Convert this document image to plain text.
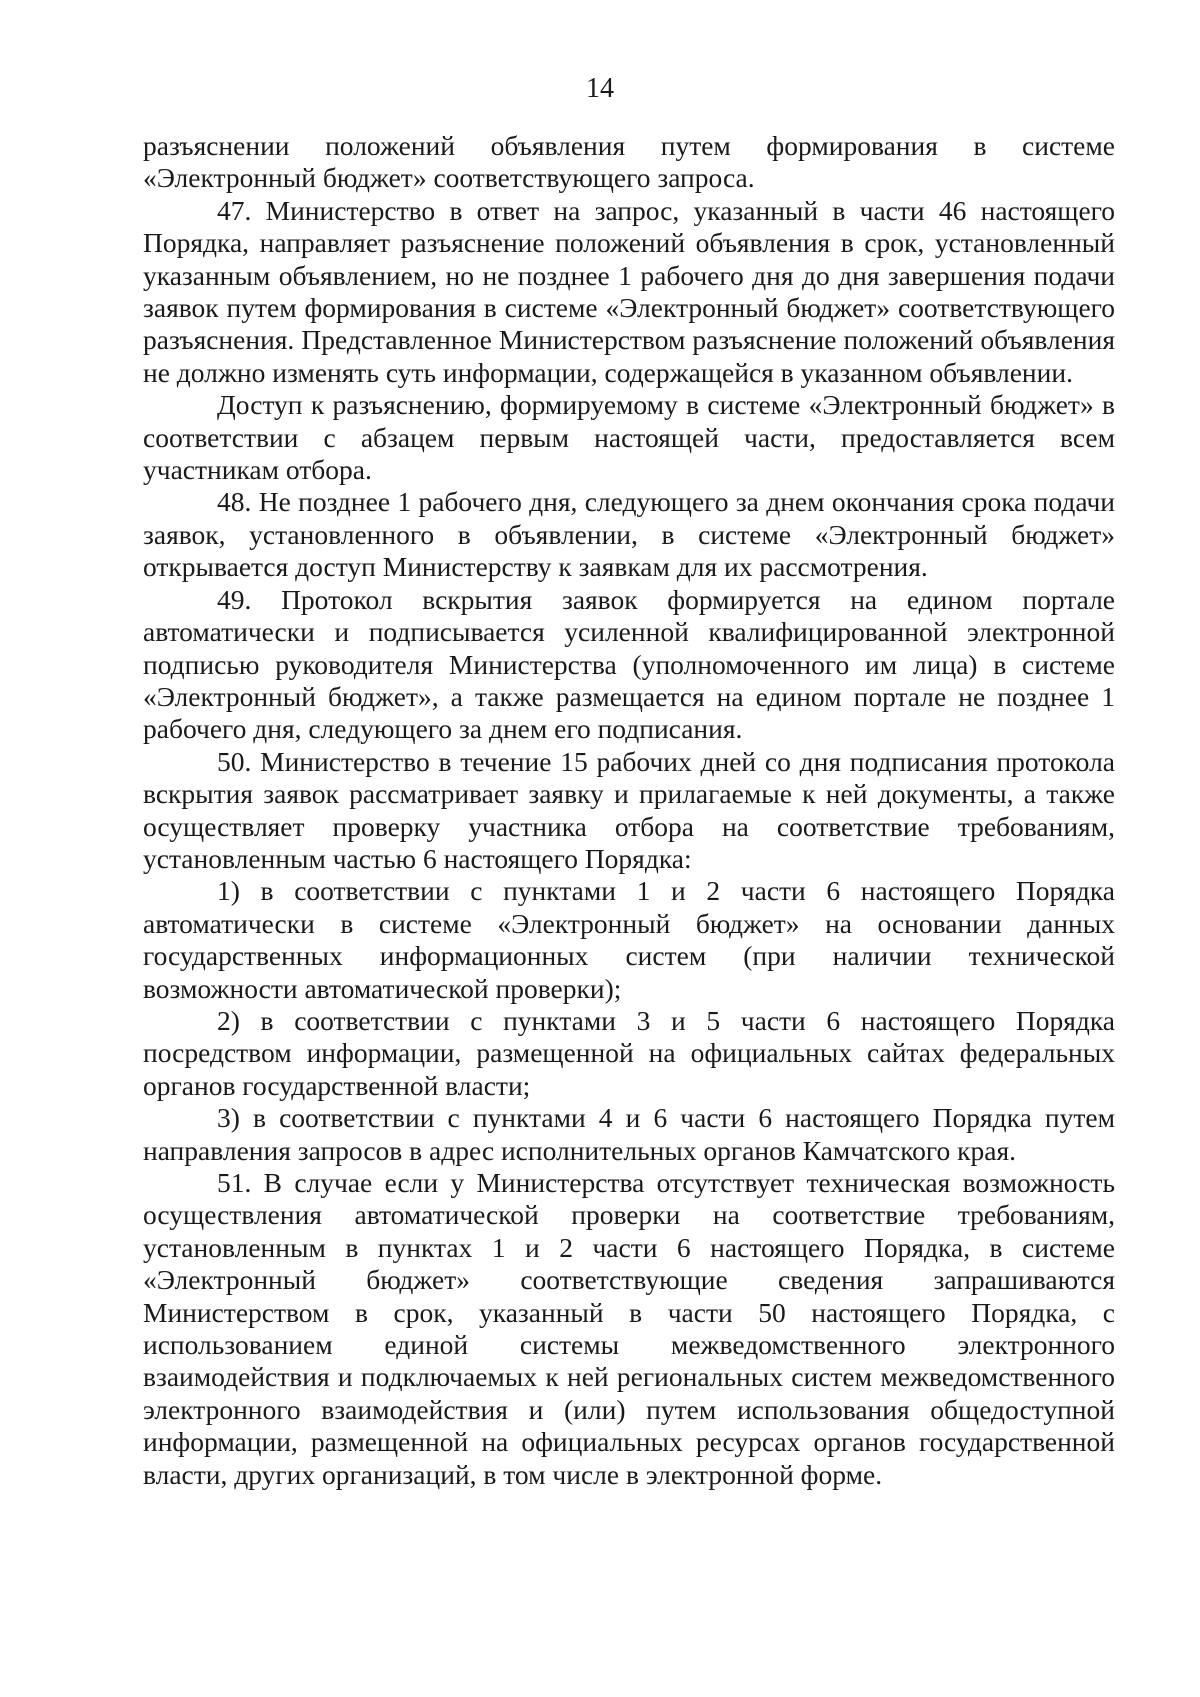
14

разъяснении положений объявления путем формирования в системе «Электронный бюджет» соответствующего запроса.

47. Министерство в ответ на запрос, указанный в части 46 настоящего Порядка, направляет разъяснение положений объявления в срок, установленный указанным объявлением, но не позднее 1 рабочего дня до дня завершения подачи заявок путем формирования в системе «Электронный бюджет» соответствующего разъяснения. Представленное Министерством разъяснение положений объявления не должно изменять суть информации, содержащейся в указанном объявлении.

Доступ к разъяснению, формируемому в системе «Электронный бюджет» в соответствии с абзацем первым настоящей части, предоставляется всем участникам отбора.

48. Не позднее 1 рабочего дня, следующего за днем окончания срока подачи заявок, установленного в объявлении, в системе «Электронный бюджет» открывается доступ Министерству к заявкам для их рассмотрения.

49. Протокол вскрытия заявок формируется на едином портале автоматически и подписывается усиленной квалифицированной электронной подписью руководителя Министерства (уполномоченного им лица) в системе «Электронный бюджет», а также размещается на едином портале не позднее 1 рабочего дня, следующего за днем его подписания.

50. Министерство в течение 15 рабочих дней со дня подписания протокола вскрытия заявок рассматривает заявку и прилагаемые к ней документы, а также осуществляет проверку участника отбора на соответствие требованиям, установленным частью 6 настоящего Порядка:

1) в соответствии с пунктами 1 и 2 части 6 настоящего Порядка автоматически в системе «Электронный бюджет» на основании данных государственных информационных систем (при наличии технической возможности автоматической проверки);

2) в соответствии с пунктами 3 и 5 части 6 настоящего Порядка посредством информации, размещенной на официальных сайтах федеральных органов государственной власти;

3) в соответствии с пунктами 4 и 6 части 6 настоящего Порядка путем направления запросов в адрес исполнительных органов Камчатского края.

51. В случае если у Министерства отсутствует техническая возможность осуществления автоматической проверки на соответствие требованиям, установленным в пунктах 1 и 2 части 6 настоящего Порядка, в системе «Электронный бюджет» соответствующие сведения запрашиваются Министерством в срок, указанный в части 50 настоящего Порядка, с использованием единой системы межведомственного электронного взаимодействия и подключаемых к ней региональных систем межведомственного электронного взаимодействия и (или) путем использования общедоступной информации, размещенной на официальных ресурсах органов государственной власти, других организаций, в том числе в электронной форме.
